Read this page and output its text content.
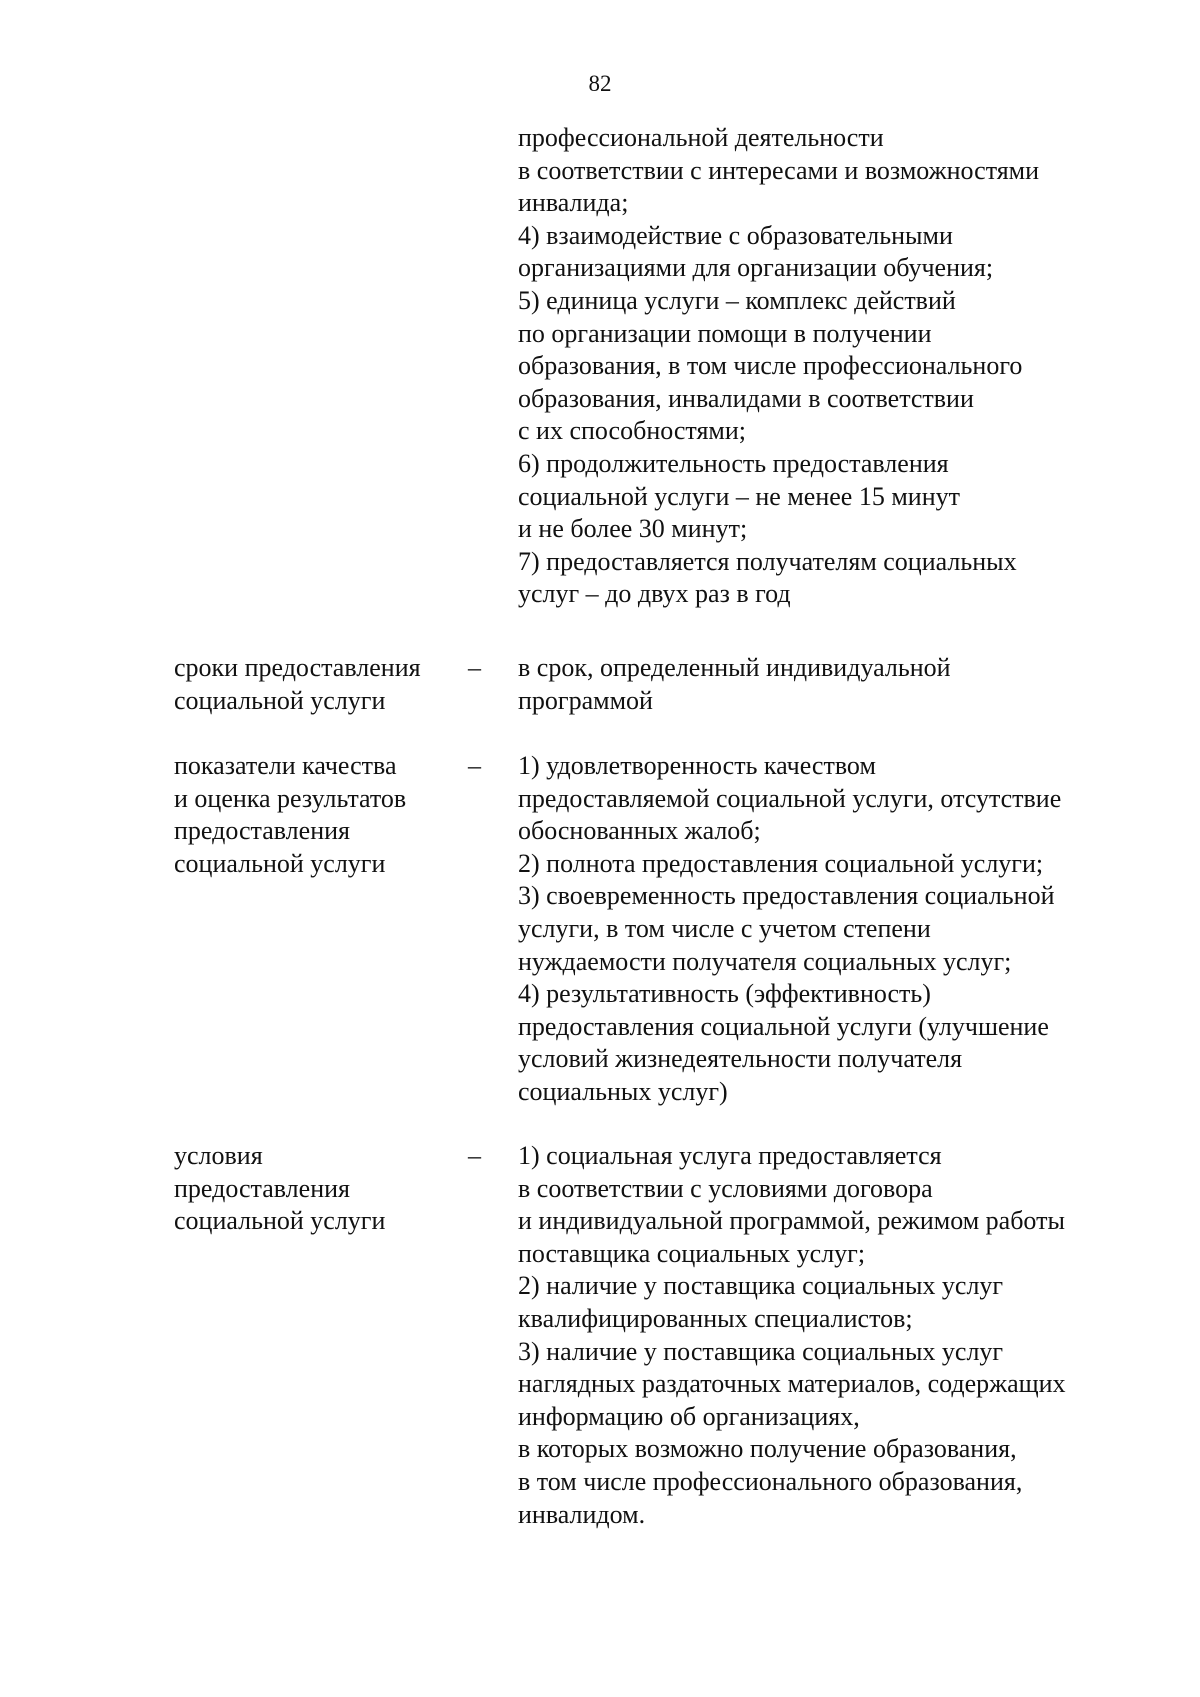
82
профессиональной деятельности
в соответствии с интересами и возможностями
инвалида;
4) взаимодействие с образовательными
организациями для организации обучения;
5) единица услуги – комплекс действий
по организации помощи в получении
образования, в том числе профессионального
образования, инвалидами в соответствии
с их способностями;
6) продолжительность предоставления
социальной услуги – не менее 15 минут
и не более 30 минут;
7) предоставляется получателям социальных
услуг – до двух раз в год
сроки предоставления
социальной услуги
– в срок, определенный индивидуальной
программой
показатели качества
и оценка результатов
предоставления
социальной услуги
– 1) удовлетворенность качеством
предоставляемой социальной услуги, отсутствие
обоснованных жалоб;
2) полнота предоставления социальной услуги;
3) своевременность предоставления социальной
услуги, в том числе с учетом степени
нуждаемости получателя социальных услуг;
4) результативность (эффективность)
предоставления социальной услуги (улучшение
условий жизнедеятельности получателя
социальных услуг)
условия
предоставления
социальной услуги
– 1) социальная услуга предоставляется
в соответствии с условиями договора
и индивидуальной программой, режимом работы
поставщика социальных услуг;
2) наличие у поставщика социальных услуг
квалифицированных специалистов;
3) наличие у поставщика социальных услуг
наглядных раздаточных материалов, содержащих
информацию об организациях,
в которых возможно получение образования,
в том числе профессионального образования,
инвалидом.
